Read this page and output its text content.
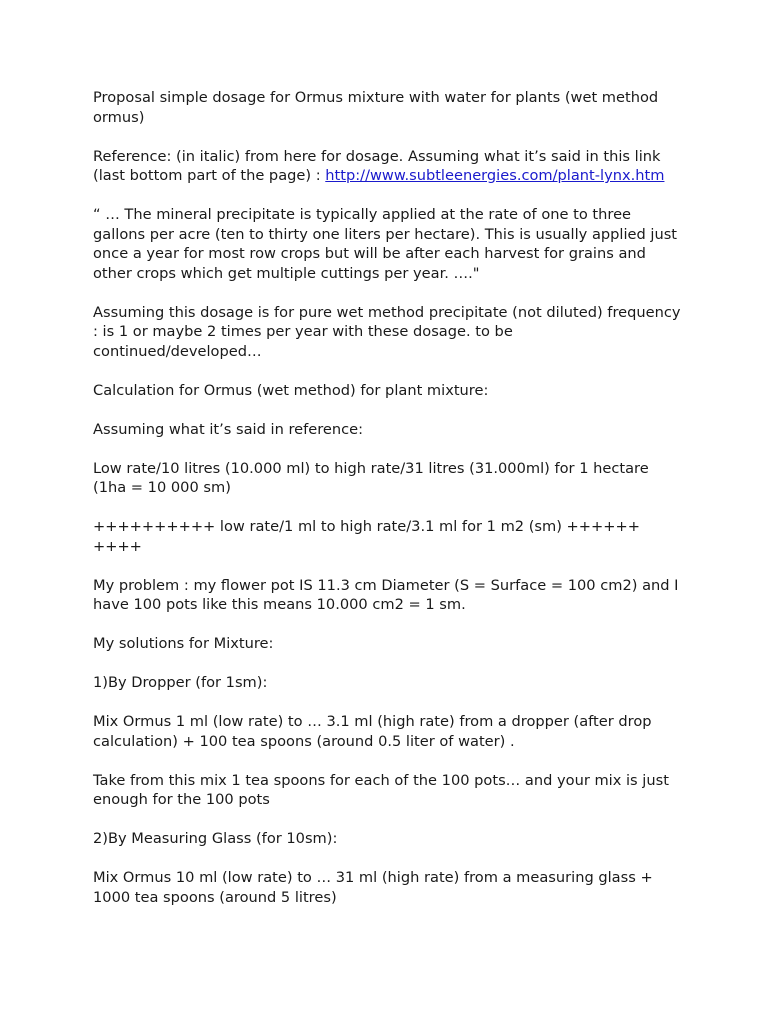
Proposal simple dosage for Ormus mixture with water for plants (wet method ormus)

Reference: (in italic) from here for dosage. Assuming what it’s said in this link (last bottom part of the page) : http://www.subtleenergies.com/plant-lynx.htm

“ … The mineral precipitate is typically applied at the rate of one to three gallons per acre (ten to thirty one liters per hectare). This is usually applied just once a year for most row crops but will be after each harvest for grains and other crops which get multiple cuttings per year. …."

Assuming this dosage is for pure wet method precipitate (not diluted) frequency : is 1 or maybe 2 times per year with these dosage. to be continued/developed…

Calculation for Ormus (wet method) for plant mixture:

Assuming what it’s said in reference:

Low rate/10 litres (10.000 ml) to high rate/31 litres (31.000ml) for 1 hectare (1ha = 10 000 sm)

++++++++++ low rate/1 ml to high rate/3.1 ml for 1 m2 (sm) ++++++ ++++

My problem : my flower pot IS 11.3 cm Diameter (S = Surface = 100 cm2) and I have 100 pots like this means 10.000 cm2 = 1 sm.

My solutions for Mixture:

1)By Dropper (for 1sm):

Mix Ormus 1 ml (low rate) to … 3.1 ml (high rate) from a dropper (after drop calculation) + 100 tea spoons (around 0.5 liter of water) .

Take from this mix 1 tea spoons for each of the 100 pots… and your mix is just enough for the 100 pots

2)By Measuring Glass (for 10sm):

Mix Ormus 10 ml (low rate) to … 31 ml (high rate) from a measuring glass + 1000 tea spoons (around 5 litres)
